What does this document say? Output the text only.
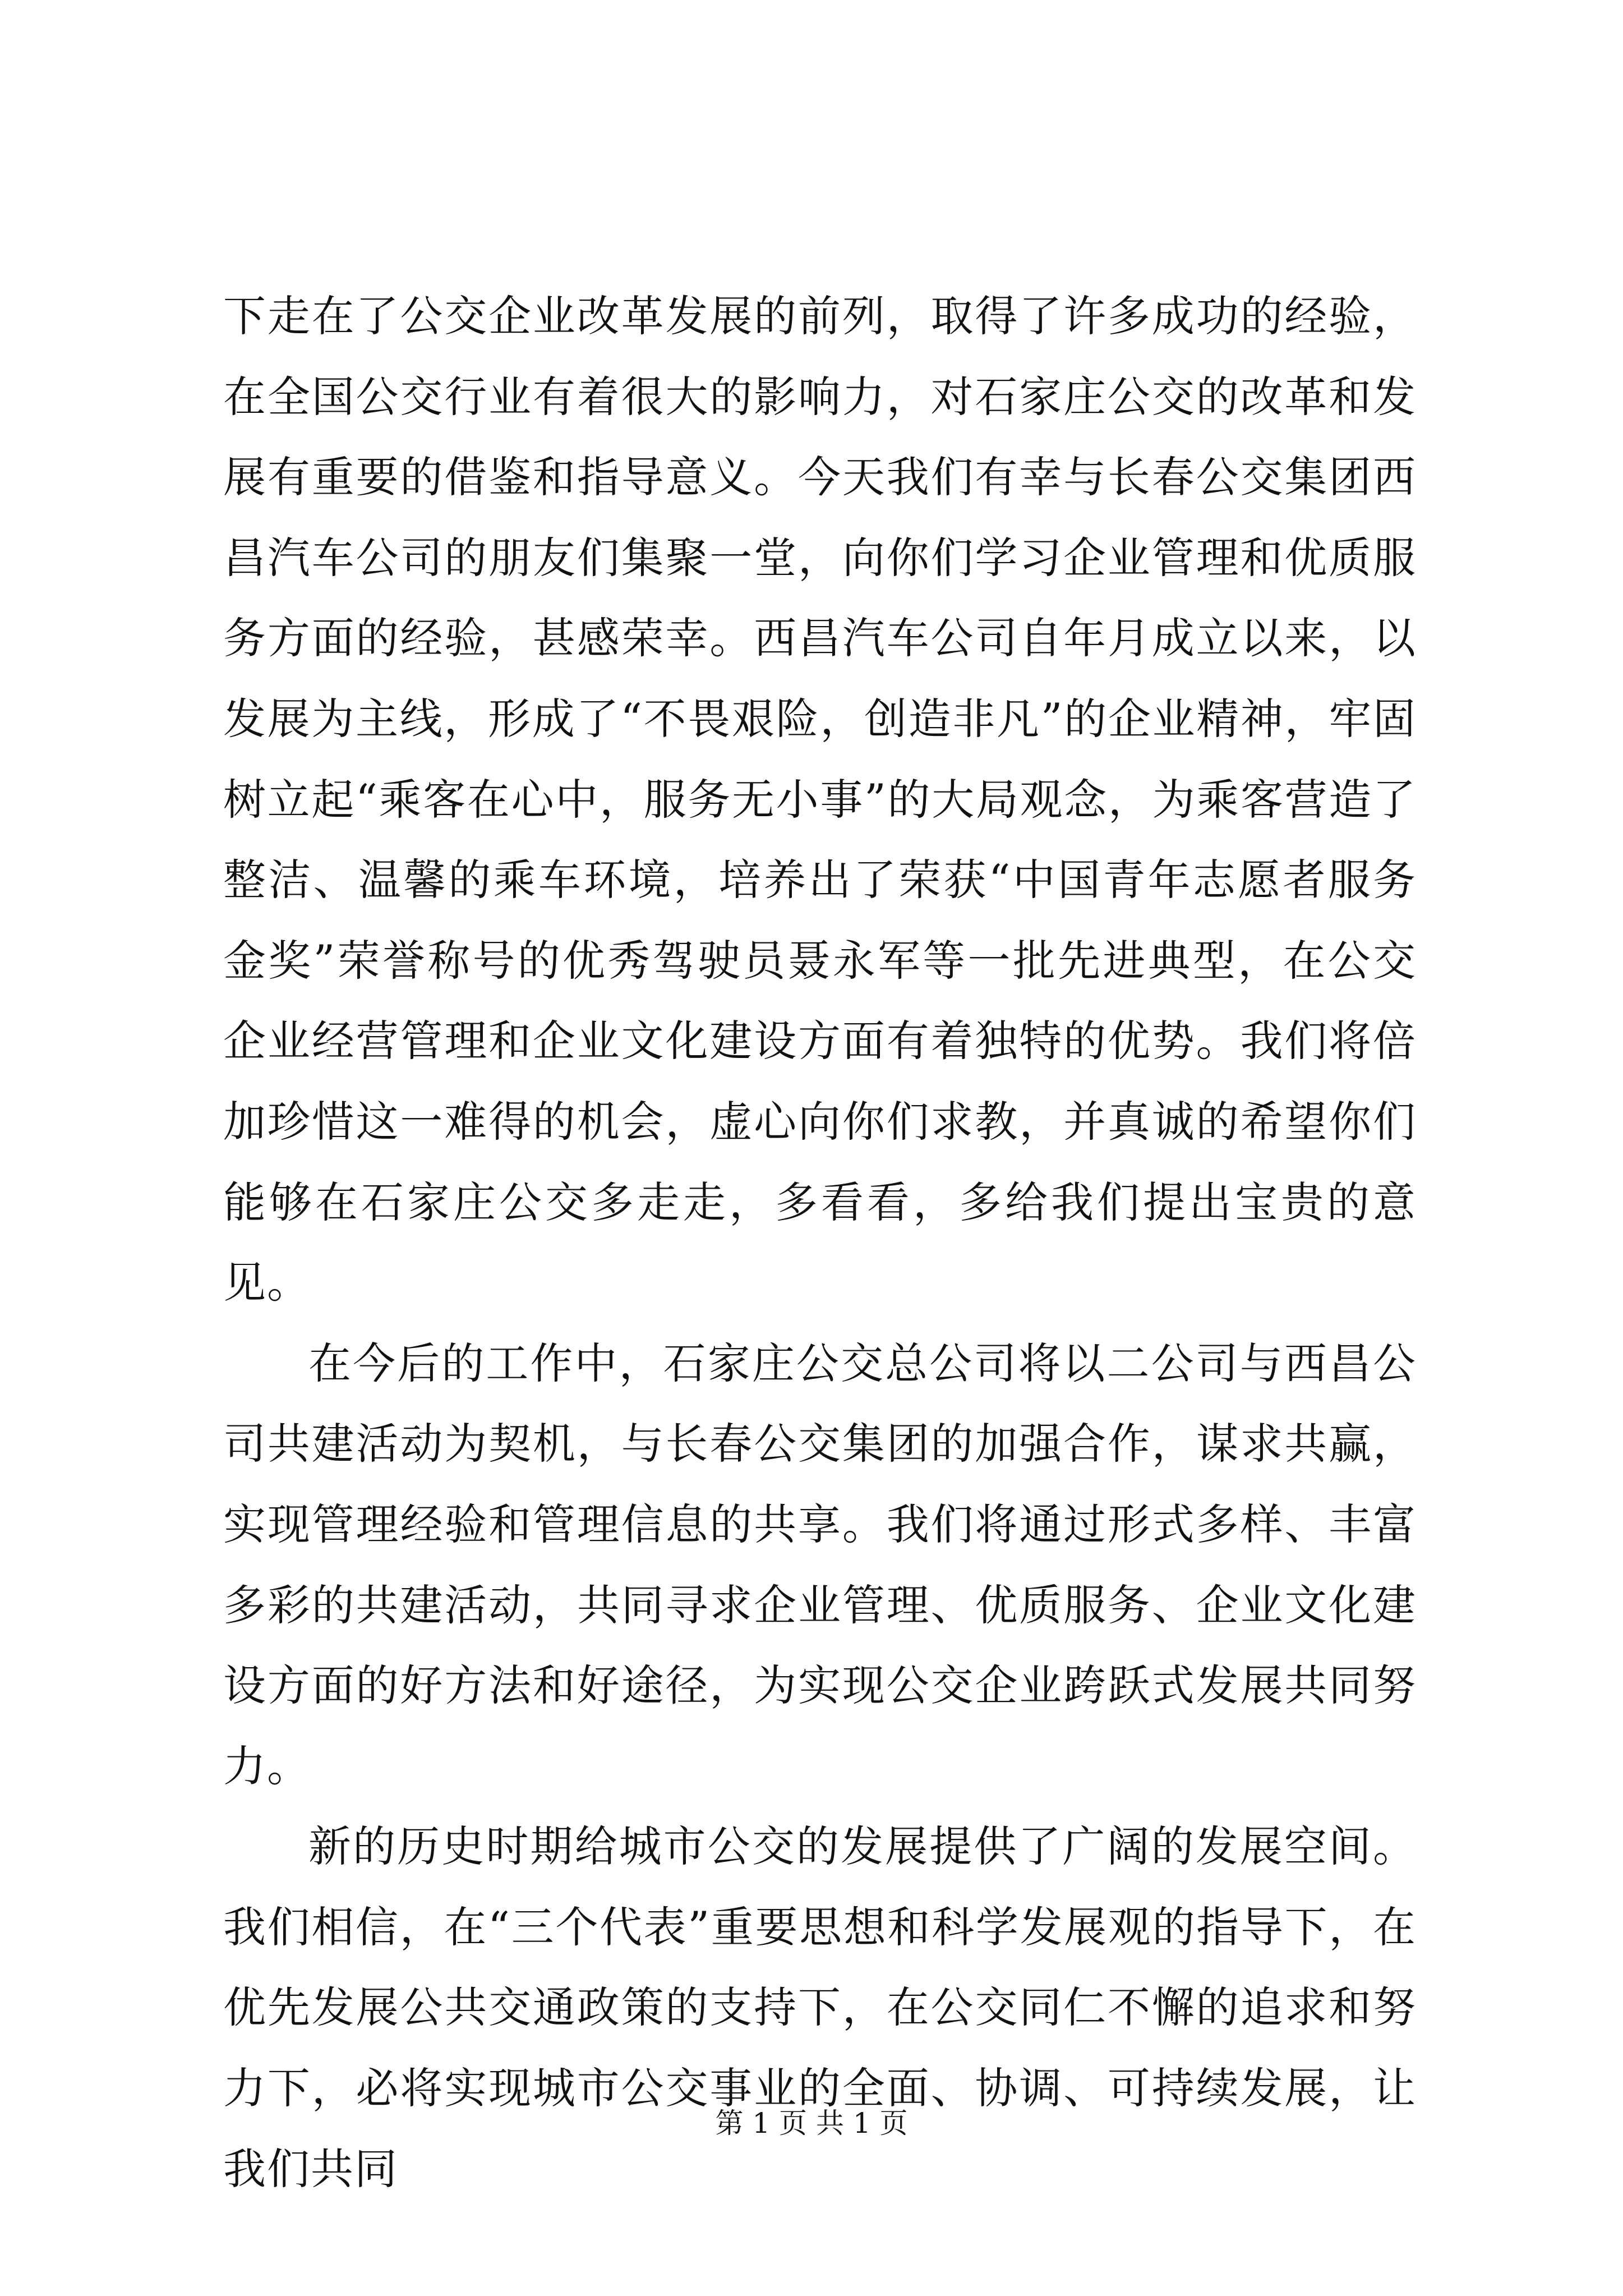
下走在了公交企业改革发展的前列，取得了许多成功的经验，在全国公交行业有着很大的影响力，对石家庄公交的改革和发展有重要的借鉴和指导意义。今天我们有幸与长春公交集团西昌汽车公司的朋友们集聚一堂，向你们学习企业管理和优质服务方面的经验，甚感荣幸。西昌汽车公司自年月成立以来，以发展为主线，形成了“不畏艰险，创造非凡”的企业精神，牢固树立起“乘客在心中，服务无小事”的大局观念，为乘客营造了整洁、温馨的乘车环境，培养出了荣获“中国青年志愿者服务金奖”荣誉称号的优秀驾驶员聂永军等一批先进典型，在公交企业经营管理和企业文化建设方面有着独特的优势。我们将倍加珍惜这一难得的机会，虚心向你们求教，并真诚的希望你们能够在石家庄公交多走走，多看看，多给我们提出宝贵的意见。

在今后的工作中，石家庄公交总公司将以二公司与西昌公司共建活动为契机，与长春公交集团的加强合作，谋求共赢，实现管理经验和管理信息的共享。我们将通过形式多样、丰富多彩的共建活动，共同寻求企业管理、优质服务、企业文化建设方面的好方法和好途径，为实现公交企业跨跃式发展共同努力。

新的历史时期给城市公交的发展提供了广阔的发展空间。我们相信，在“三个代表”重要思想和科学发展观的指导下，在优先发展公共交通政策的支持下，在公交同仁不懈的追求和努力下，必将实现城市公交事业的全面、协调、可持续发展，让我们共同

第 1 页 共 1 页
